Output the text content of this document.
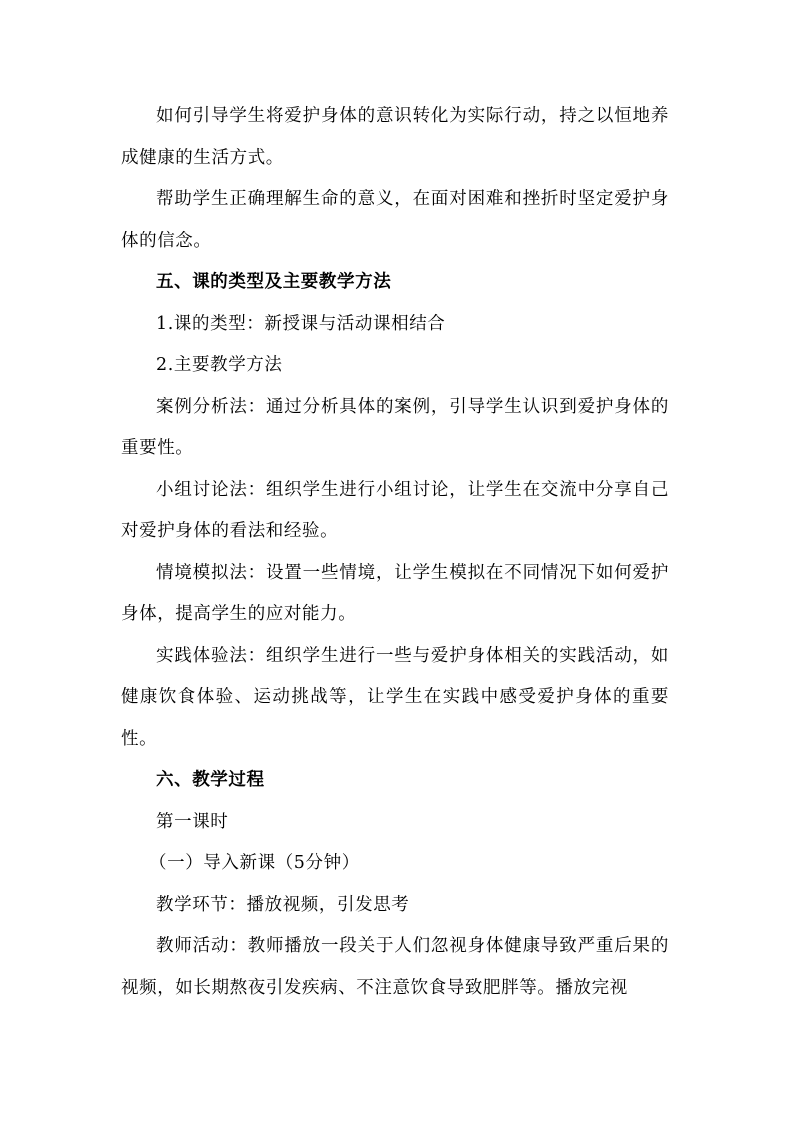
如何引导学生将爱护身体的意识转化为实际行动，持之以恒地养成健康的生活方式。

帮助学生正确理解生命的意义，在面对困难和挫折时坚定爱护身体的信念。

五、课的类型及主要教学方法

1.课的类型：新授课与活动课相结合

2.主要教学方法

案例分析法：通过分析具体的案例，引导学生认识到爱护身体的重要性。

小组讨论法：组织学生进行小组讨论，让学生在交流中分享自己对爱护身体的看法和经验。

情境模拟法：设置一些情境，让学生模拟在不同情况下如何爱护身体，提高学生的应对能力。

实践体验法：组织学生进行一些与爱护身体相关的实践活动，如健康饮食体验、运动挑战等，让学生在实践中感受爱护身体的重要性。

六、教学过程

第一课时

（一）导入新课（5分钟）

教学环节：播放视频，引发思考

教师活动：教师播放一段关于人们忽视身体健康导致严重后果的视频，如长期熬夜引发疾病、不注意饮食导致肥胖等。播放完视
